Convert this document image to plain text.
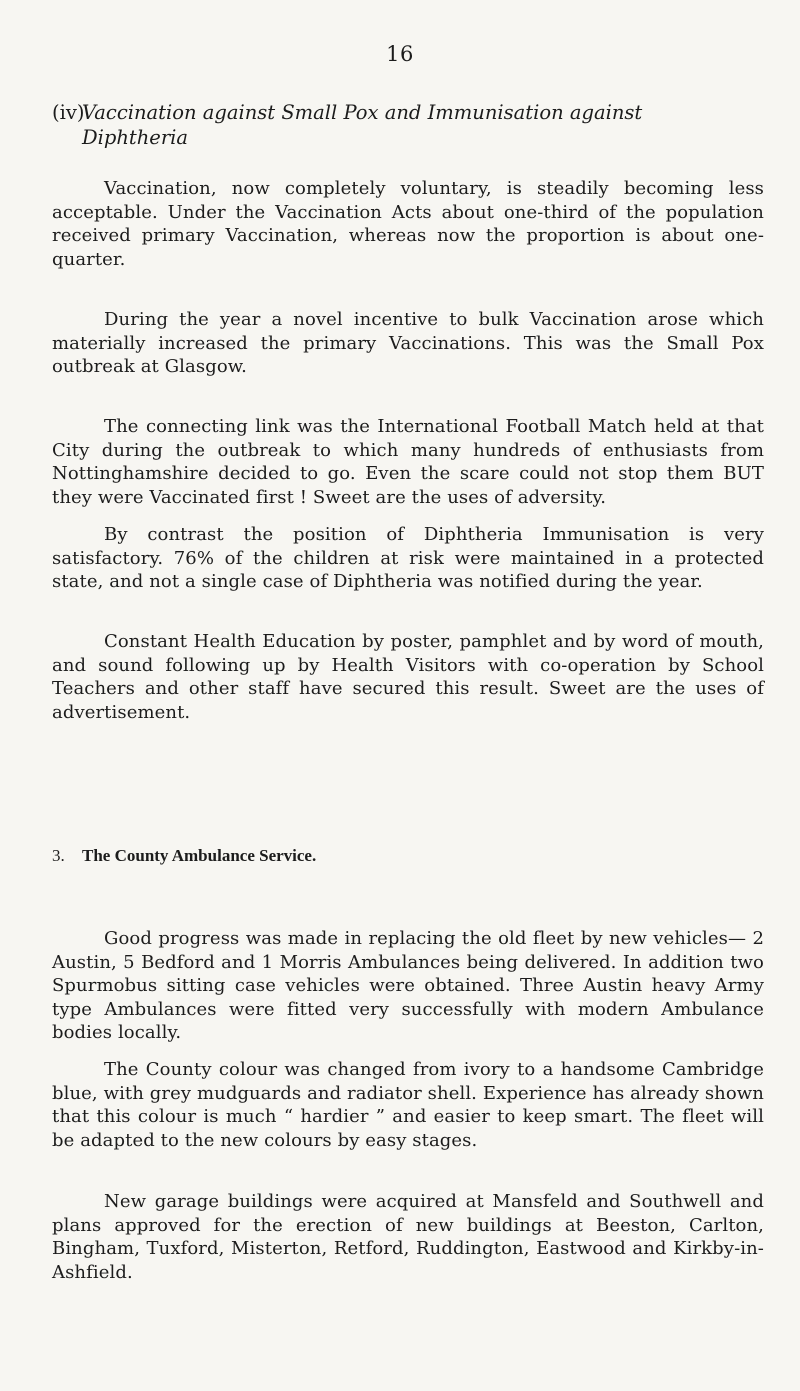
16
(iv)Vaccination against Small Pox and Immunisation against
Diphtheria

Vaccination, now completely voluntary, is steadily becoming less acceptable. Under the Vaccination Acts about one-third of the population received primary Vaccination, whereas now the proportion is about one-quarter.

During the year a novel incentive to bulk Vaccination arose which materially increased the primary Vaccinations. This was the Small Pox outbreak at Glasgow.

The connecting link was the International Football Match held at that City during the outbreak to which many hundreds of enthusiasts from Nottinghamshire decided to go. Even the scare could not stop them BUT they were Vaccinated first ! Sweet are the uses of adversity.

By contrast the position of Diphtheria Immunisation is very satisfactory. 76% of the children at risk were maintained in a protected state, and not a single case of Diphtheria was notified during the year.

Constant Health Education by poster, pamphlet and by word of mouth, and sound following up by Health Visitors with co-operation by School Teachers and other staff have secured this result. Sweet are the uses of advertisement.

3. The County Ambulance Service.

Good progress was made in replacing the old fleet by new vehicles— 2 Austin, 5 Bedford and 1 Morris Ambulances being delivered. In addition two Spurmobus sitting case vehicles were obtained. Three Austin heavy Army type Ambulances were fitted very successfully with modern Ambulance bodies locally.

The County colour was changed from ivory to a handsome Cambridge blue, with grey mudguards and radiator shell. Experience has already shown that this colour is much “ hardier ” and easier to keep smart. The fleet will be adapted to the new colours by easy stages.

New garage buildings were acquired at Mansfeld and Southwell and plans approved for the erection of new buildings at Beeston, Carlton, Bingham, Tuxford, Misterton, Retford, Ruddington, Eastwood and Kirkby-in-Ashfield.
